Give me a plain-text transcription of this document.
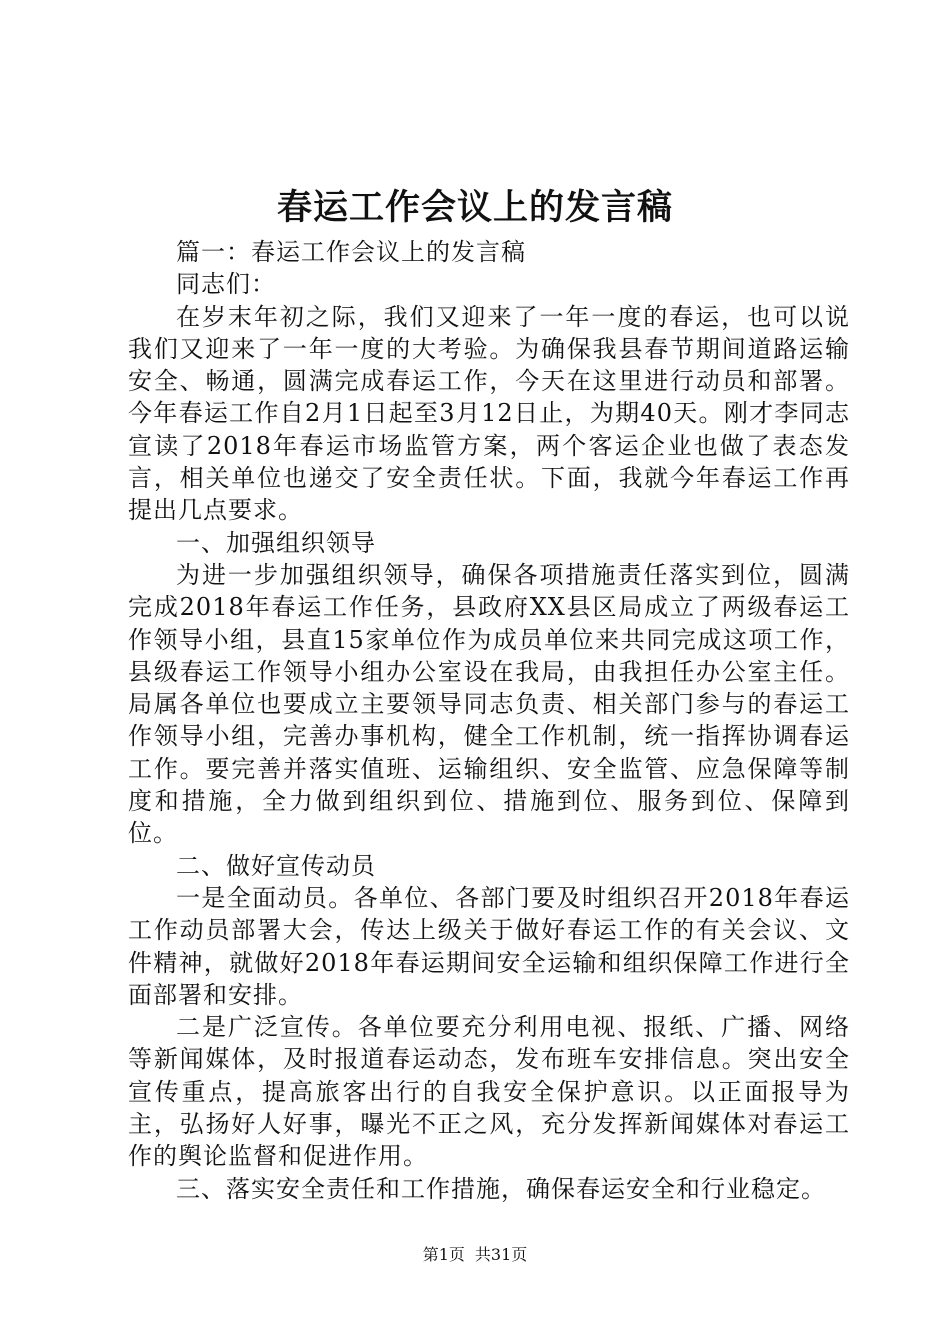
春运工作会议上的发言稿

篇一：春运工作会议上的发言稿

同志们：

在岁末年初之际，我们又迎来了一年一度的春运，也可以说我们又迎来了一年一度的大考验。为确保我县春节期间道路运输安全、畅通，圆满完成春运工作，今天在这里进行动员和部署。今年春运工作自2月1日起至3月12日止，为期40天。刚才李同志宣读了2018年春运市场监管方案，两个客运企业也做了表态发言，相关单位也递交了安全责任状。下面，我就今年春运工作再提出几点要求。

一、加强组织领导

为进一步加强组织领导，确保各项措施责任落实到位，圆满完成2018年春运工作任务，县政府XX县区局成立了两级春运工作领导小组，县直15家单位作为成员单位来共同完成这项工作，县级春运工作领导小组办公室设在我局，由我担任办公室主任。局属各单位也要成立主要领导同志负责、相关部门参与的春运工作领导小组，完善办事机构，健全工作机制，统一指挥协调春运工作。要完善并落实值班、运输组织、安全监管、应急保障等制度和措施，全力做到组织到位、措施到位、服务到位、保障到位。

二、做好宣传动员

一是全面动员。各单位、各部门要及时组织召开2018年春运工作动员部署大会，传达上级关于做好春运工作的有关会议、文件精神，就做好2018年春运期间安全运输和组织保障工作进行全面部署和安排。

二是广泛宣传。各单位要充分利用电视、报纸、广播、网络等新闻媒体，及时报道春运动态，发布班车安排信息。突出安全宣传重点，提高旅客出行的自我安全保护意识。以正面报导为主，弘扬好人好事，曝光不正之风，充分发挥新闻媒体对春运工作的舆论监督和促进作用。

三、落实安全责任和工作措施，确保春运安全和行业稳定。

第1页 共31页
